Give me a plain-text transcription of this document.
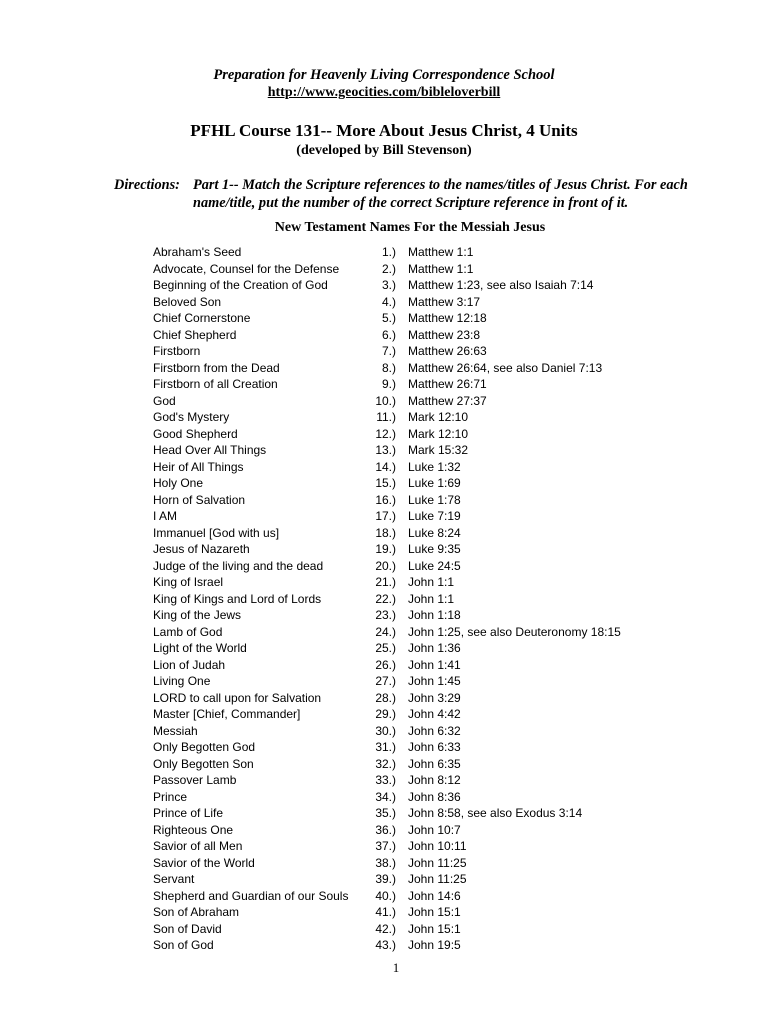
Preparation for Heavenly Living Correspondence School
http://www.geocities.com/bibleloverbill
PFHL Course 131-- More About Jesus Christ, 4 Units
(developed by Bill Stevenson)
Directions: Part 1-- Match the Scripture references to the names/titles of Jesus Christ. For each name/title, put the number of the correct Scripture reference in front of it.
New Testament Names For the Messiah Jesus
Abraham's Seed	1.) Matthew 1:1
Advocate, Counsel for the Defense	2.) Matthew 1:1
Beginning of the Creation of God	3.) Matthew 1:23, see also Isaiah 7:14
Beloved Son	4.) Matthew 3:17
Chief Cornerstone	5.) Matthew 12:18
Chief Shepherd	6.) Matthew 23:8
Firstborn	7.) Matthew 26:63
Firstborn from the Dead	8.) Matthew 26:64, see also Daniel 7:13
Firstborn of all Creation	9.) Matthew 26:71
God	10.) Matthew 27:37
God's Mystery	11.) Mark 12:10
Good Shepherd	12.) Mark 12:10
Head Over All Things	13.) Mark 15:32
Heir of All Things	14.) Luke 1:32
Holy One	15.) Luke 1:69
Horn of Salvation	16.) Luke 1:78
I AM	17.) Luke 7:19
Immanuel [God with us]	18.) Luke 8:24
Jesus of Nazareth	19.) Luke 9:35
Judge of the living and the dead	20.) Luke 24:5
King of Israel	21.) John 1:1
King of Kings and Lord of Lords	22.) John 1:1
King of the Jews	23.) John 1:18
Lamb of God	24.) John 1:25, see also Deuteronomy 18:15
Light of the World	25.) John 1:36
Lion of Judah	26.) John 1:41
Living One	27.) John 1:45
LORD to call upon for Salvation	28.) John 3:29
Master [Chief, Commander]	29.) John 4:42
Messiah	30.) John 6:32
Only Begotten God	31.) John 6:33
Only Begotten Son	32.) John 6:35
Passover Lamb	33.) John 8:12
Prince	34.) John 8:36
Prince of Life	35.) John 8:58, see also Exodus 3:14
Righteous One	36.) John 10:7
Savior of all Men	37.) John 10:11
Savior of the World	38.) John 11:25
Servant	39.) John 11:25
Shepherd and Guardian of our Souls	40.) John 14:6
Son of Abraham	41.) John 15:1
Son of David	42.) John 15:1
Son of God	43.) John 19:5
1
